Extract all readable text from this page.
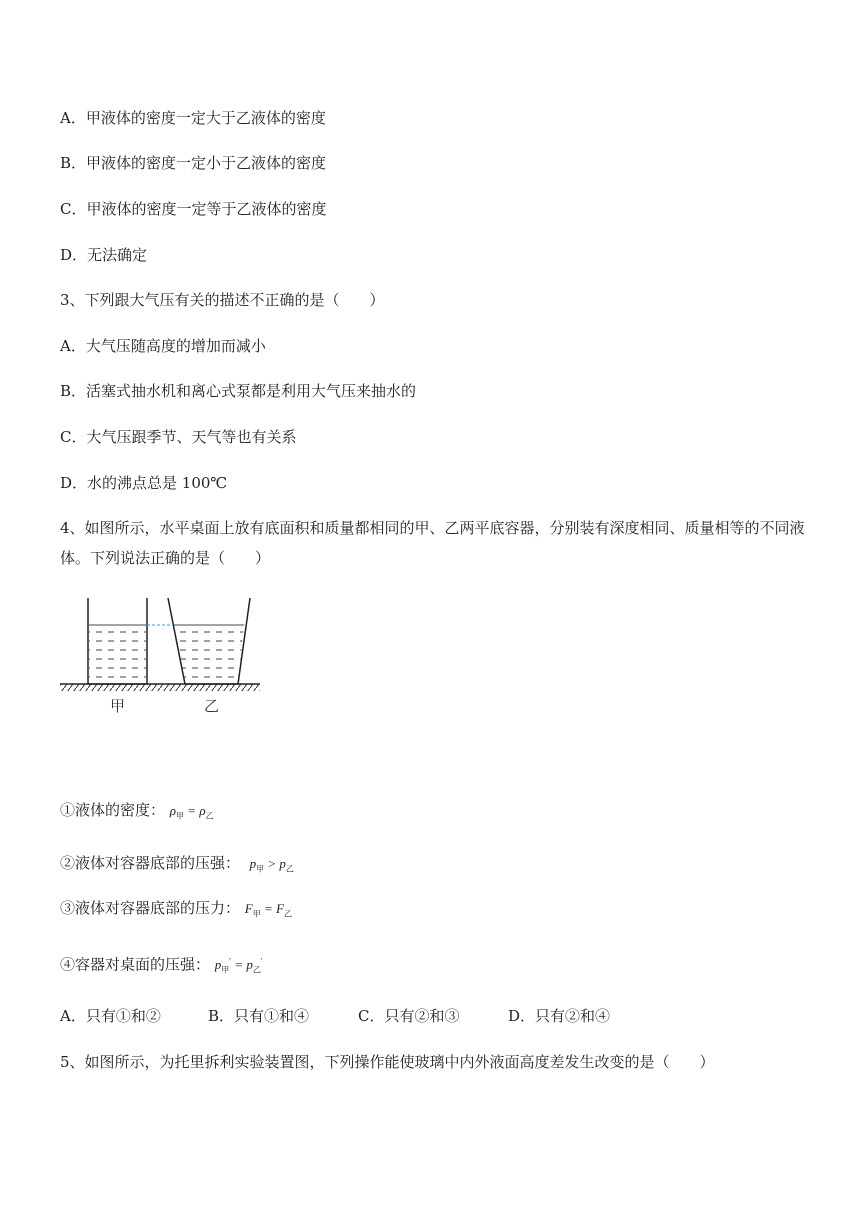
A．甲液体的密度一定大于乙液体的密度
B．甲液体的密度一定小于乙液体的密度
C．甲液体的密度一定等于乙液体的密度
D．无法确定
3、下列跟大气压有关的描述不正确的是（　　）
A．大气压随高度的增加而减小
B．活塞式抽水机和离心式泵都是利用大气压来抽水的
C．大气压跟季节、天气等也有关系
D．水的沸点总是 100℃
4、如图所示，水平桌面上放有底面积和质量都相同的甲、乙两平底容器，分别装有深度相同、质量相等的不同液体。下列说法正确的是（　　）
甲	乙
①液体的密度： $\rho_甲 = \rho_乙$
②液体对容器底部的压强： $p_甲 > p_乙$
③液体对容器底部的压力： $F_甲 = F_乙$
④容器对桌面的压强： $p_甲' = p_乙'$
A．只有①和②	B．只有①和④	C．只有②和③	D．只有②和④
5、如图所示，为托里拆利实验装置图，下列操作能使玻璃中内外液面高度差发生改变的是（　　）
